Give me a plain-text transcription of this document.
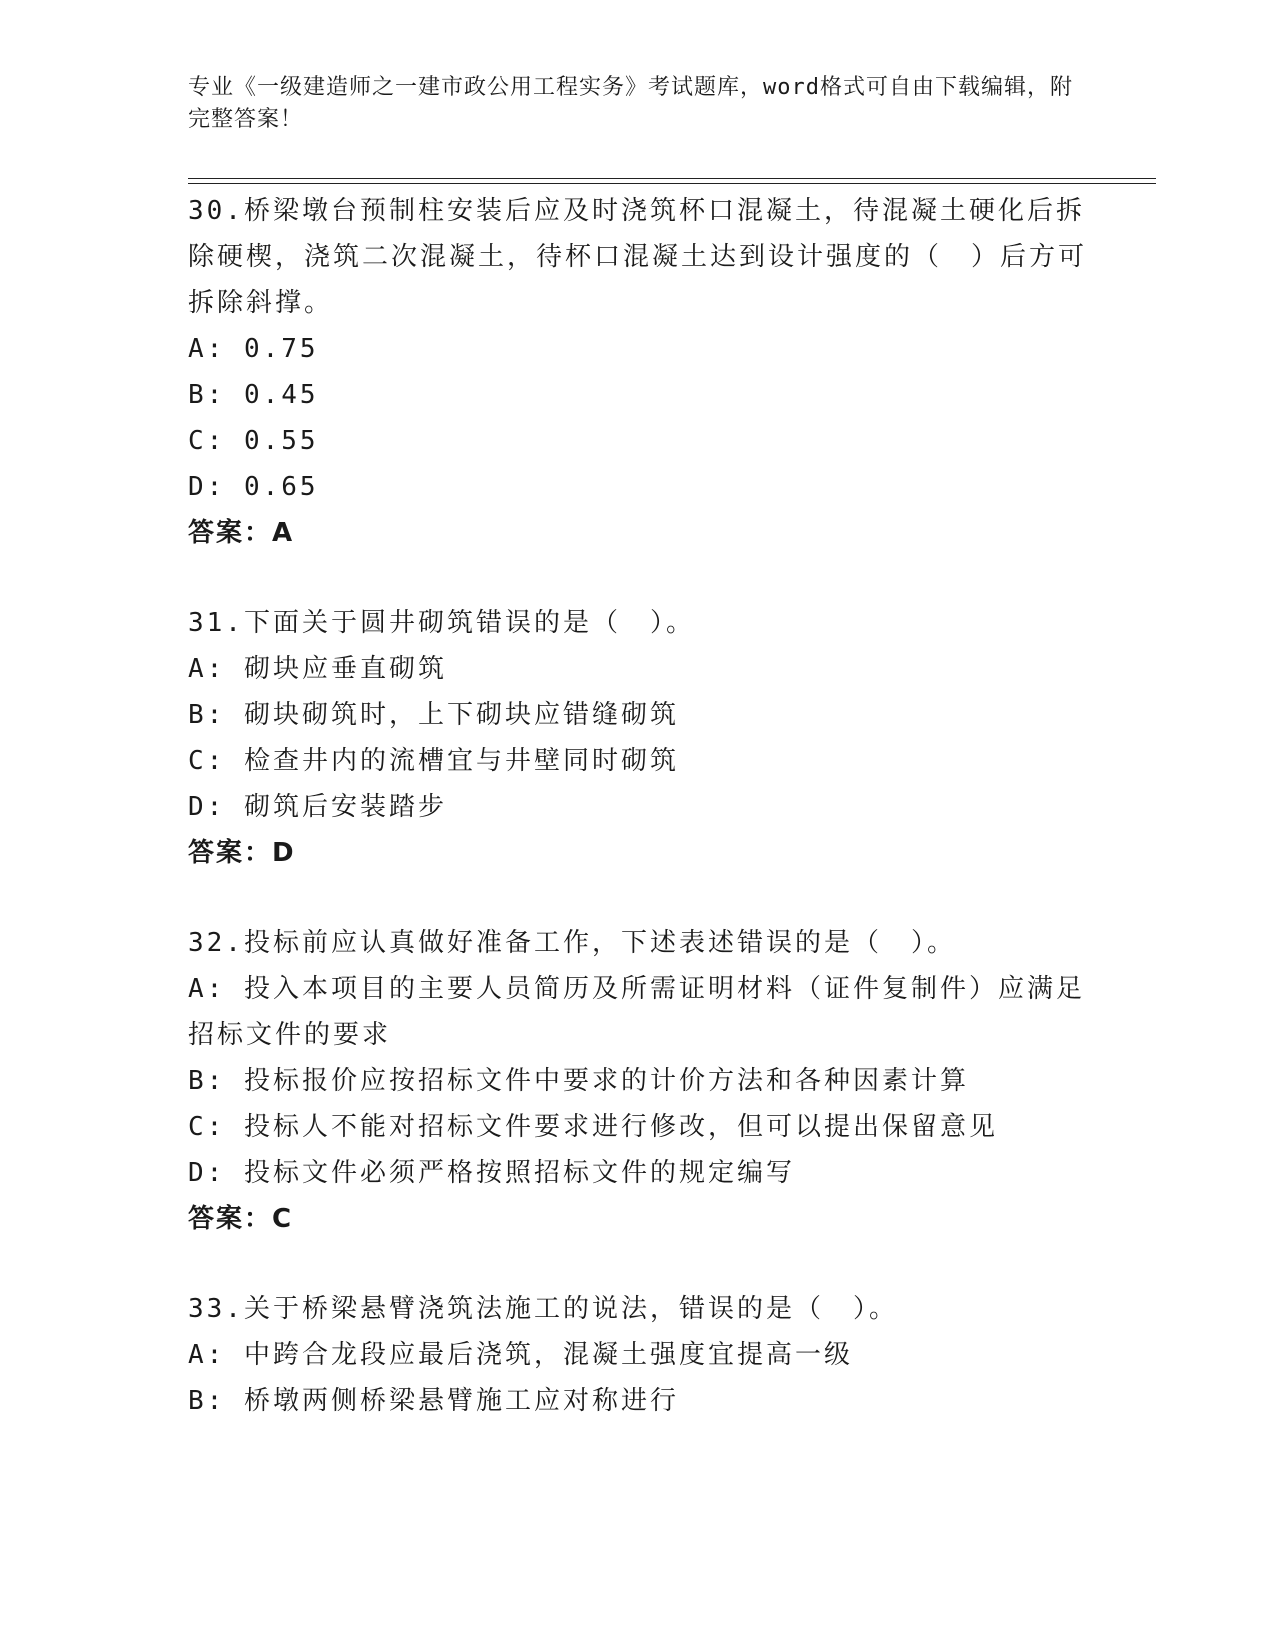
专业《一级建造师之一建市政公用工程实务》考试题库，word格式可自由下载编辑，附完整答案！
30.桥梁墩台预制柱安装后应及时浇筑杯口混凝土，待混凝土硬化后拆除硬楔，浇筑二次混凝土，待杯口混凝土达到设计强度的（　）后方可拆除斜撑。
A: 0.75
B: 0.45
C: 0.55
D: 0.65
答案：A
31.下面关于圆井砌筑错误的是（　）。
A: 砌块应垂直砌筑
B: 砌块砌筑时，上下砌块应错缝砌筑
C: 检查井内的流槽宜与井壁同时砌筑
D: 砌筑后安装踏步
答案：D
32.投标前应认真做好准备工作，下述表述错误的是（　）。
A: 投入本项目的主要人员简历及所需证明材料（证件复制件）应满足招标文件的要求
B: 投标报价应按招标文件中要求的计价方法和各种因素计算
C: 投标人不能对招标文件要求进行修改，但可以提出保留意见
D: 投标文件必须严格按照招标文件的规定编写
答案：C
33.关于桥梁悬臂浇筑法施工的说法，错误的是（　）。
A: 中跨合龙段应最后浇筑，混凝土强度宜提高一级
B: 桥墩两侧桥梁悬臂施工应对称进行
